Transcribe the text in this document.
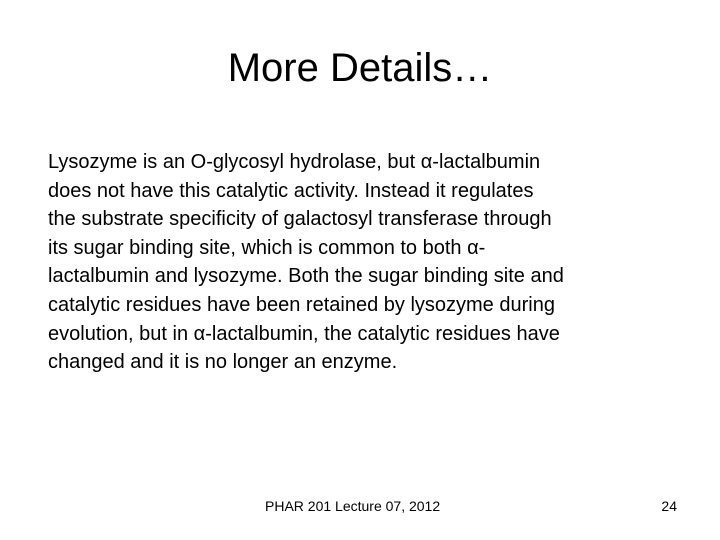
More Details…

Lysozyme is an O-glycosyl hydrolase, but α-lactalbumin
does not have this catalytic activity. Instead it regulates
the substrate specificity of galactosyl transferase through
its sugar binding site, which is common to both α-
lactalbumin and lysozyme. Both the sugar binding site and
catalytic residues have been retained by lysozyme during
evolution, but in α-lactalbumin, the catalytic residues have
changed and it is no longer an enzyme.

PHAR 201 Lecture 07, 2012	24
